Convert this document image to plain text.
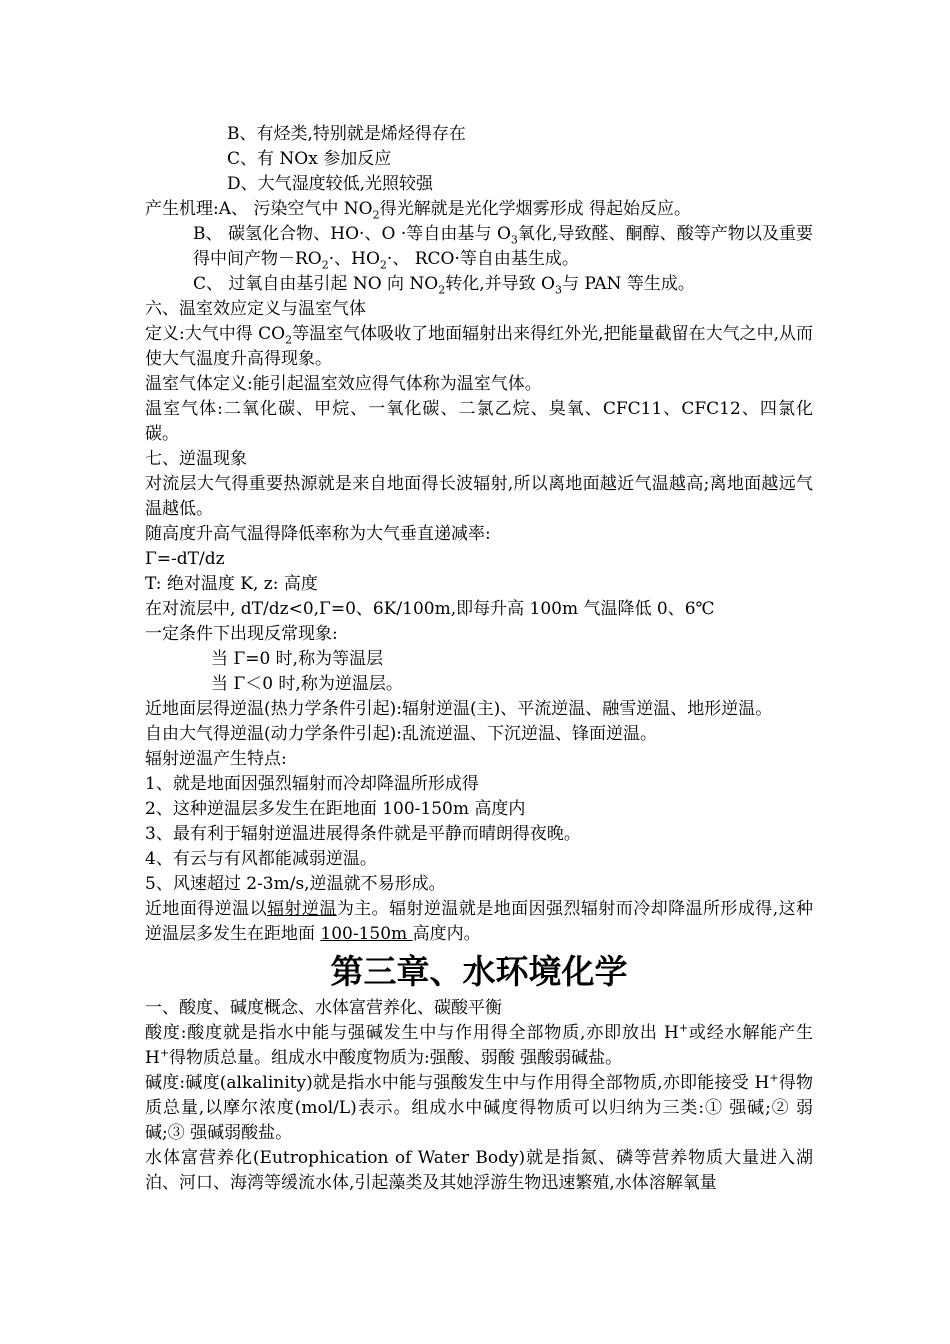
B、有烃类,特别就是烯烃得存在

C、有 NOx 参加反应

D、大气湿度较低,光照较强

产生机理:A、 污染空气中 $NO_2$得光解就是光化学烟雾形成 得起始反应。

B、 碳氢化合物、HO·、O ·等自由基与 $O_3$氧化,导致醛、酮醇、酸等产物以及重要得中间产物$-RO_2\cdot$、$HO_2\cdot$、 RCO·等自由基生成。

C、 过氧自由基引起 NO 向 $NO_2$转化,并导致 $O_3$与 PAN 等生成。

六、温室效应定义与温室气体

定义:大气中得 $CO_2$等温室气体吸收了地面辐射出来得红外光,把能量截留在大气之中,从而使大气温度升高得现象。

温室气体定义:能引起温室效应得气体称为温室气体。

温室气体:二氧化碳、甲烷、一氧化碳、二氯乙烷、臭氧、CFC11、CFC12、四氯化碳。

七、逆温现象

对流层大气得重要热源就是来自地面得长波辐射,所以离地面越近气温越高;离地面越远气温越低。

随高度升高气温得降低率称为大气垂直递减率:

Γ=-dT/dz

T: 绝对温度 K, z: 高度

在对流层中, dT/dz<0,Γ=0、6K/100m,即每升高 100m 气温降低 0、6℃

一定条件下出现反常现象:

当 Γ=0 时,称为等温层

当 Γ＜0 时,称为逆温层。

近地面层得逆温(热力学条件引起):辐射逆温(主)、平流逆温、融雪逆温、地形逆温。

自由大气得逆温(动力学条件引起):乱流逆温、下沉逆温、锋面逆温。

辐射逆温产生特点:

1、就是地面因强烈辐射而冷却降温所形成得

2、这种逆温层多发生在距地面 100-150m 高度内

3、最有利于辐射逆温进展得条件就是平静而晴朗得夜晚。

4、有云与有风都能减弱逆温。

5、风速超过 2-3m/s,逆温就不易形成。

近地面得逆温以辐射逆温为主。辐射逆温就是地面因强烈辐射而冷却降温所形成得,这种逆温层多发生在距地面 100-150m 高度内。

第三章、水环境化学

一、酸度、碱度概念、水体富营养化、碳酸平衡

酸度:酸度就是指水中能与强碱发生中与作用得全部物质,亦即放出 H+或经水解能产生 H+得物质总量。组成水中酸度物质为:强酸、弱酸 强酸弱碱盐。

碱度:碱度(alkalinity)就是指水中能与强酸发生中与作用得全部物质,亦即能接受 H+得物质总量,以摩尔浓度(mol/L)表示。组成水中碱度得物质可以归纳为三类:① 强碱;② 弱碱;③ 强碱弱酸盐。

水体富营养化(Eutrophication of Water Body)就是指氮、磷等营养物质大量进入湖泊、河口、海湾等缓流水体,引起藻类及其她浮游生物迅速繁殖,水体溶解氧量
